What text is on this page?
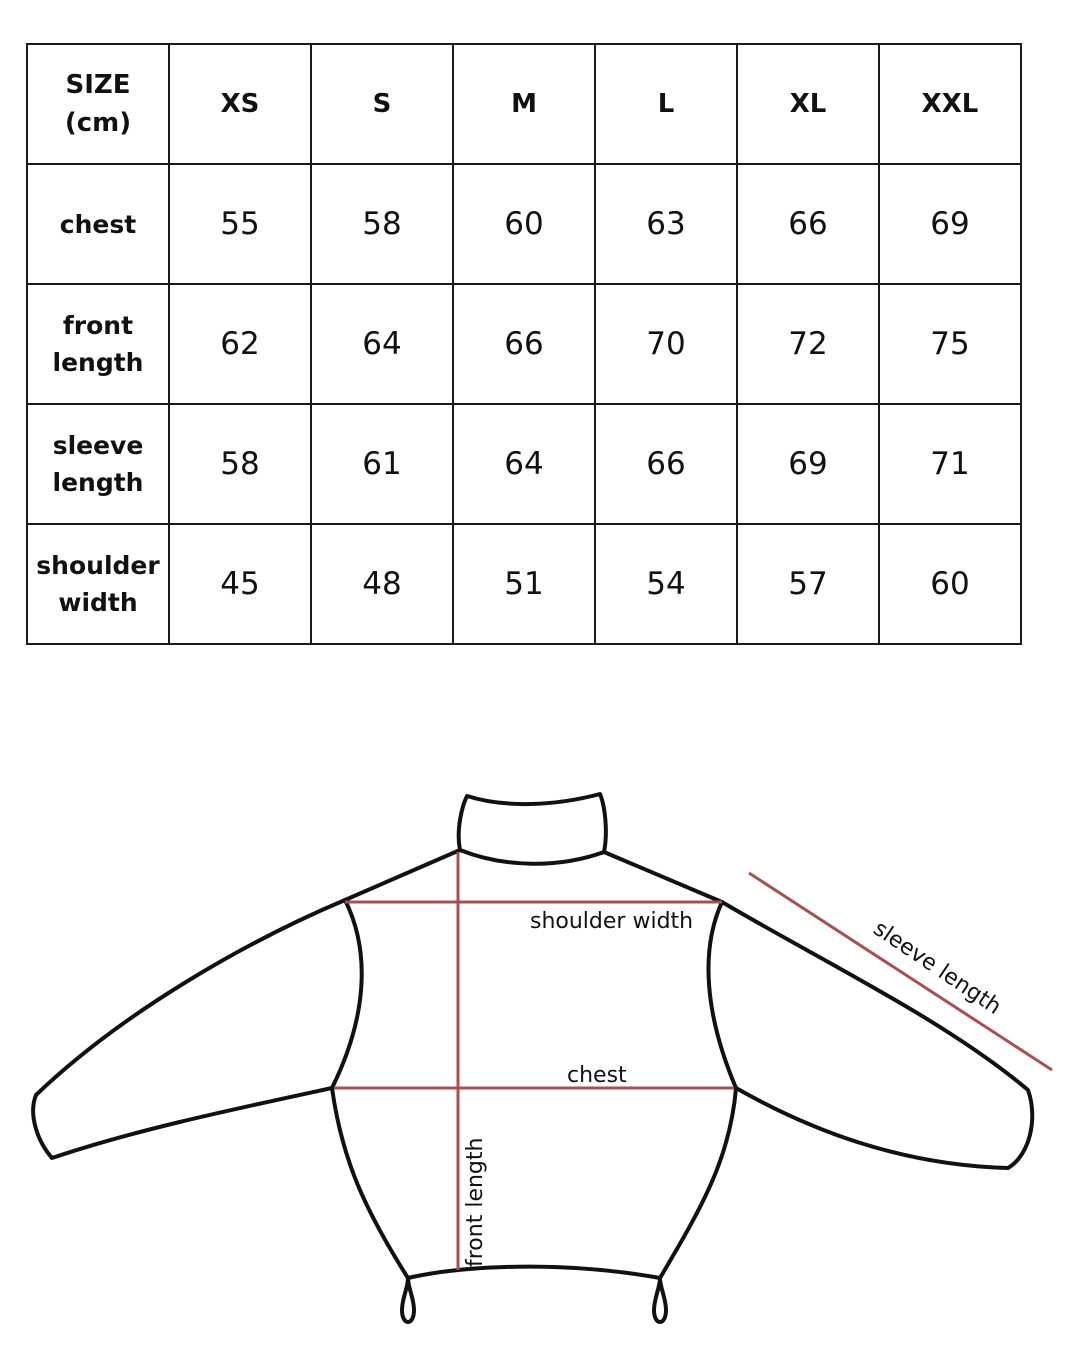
SIZE
(cm)	XS	S	M	L	XL	XXL

chest	55	58	60	63	66	69

front
length	62	64	66	70	72	75

sleeve
length	58	61	64	66	69	71

shoulder
width	45	48	51	54	57	60
shoulder width
chest
front length
sleeve length
